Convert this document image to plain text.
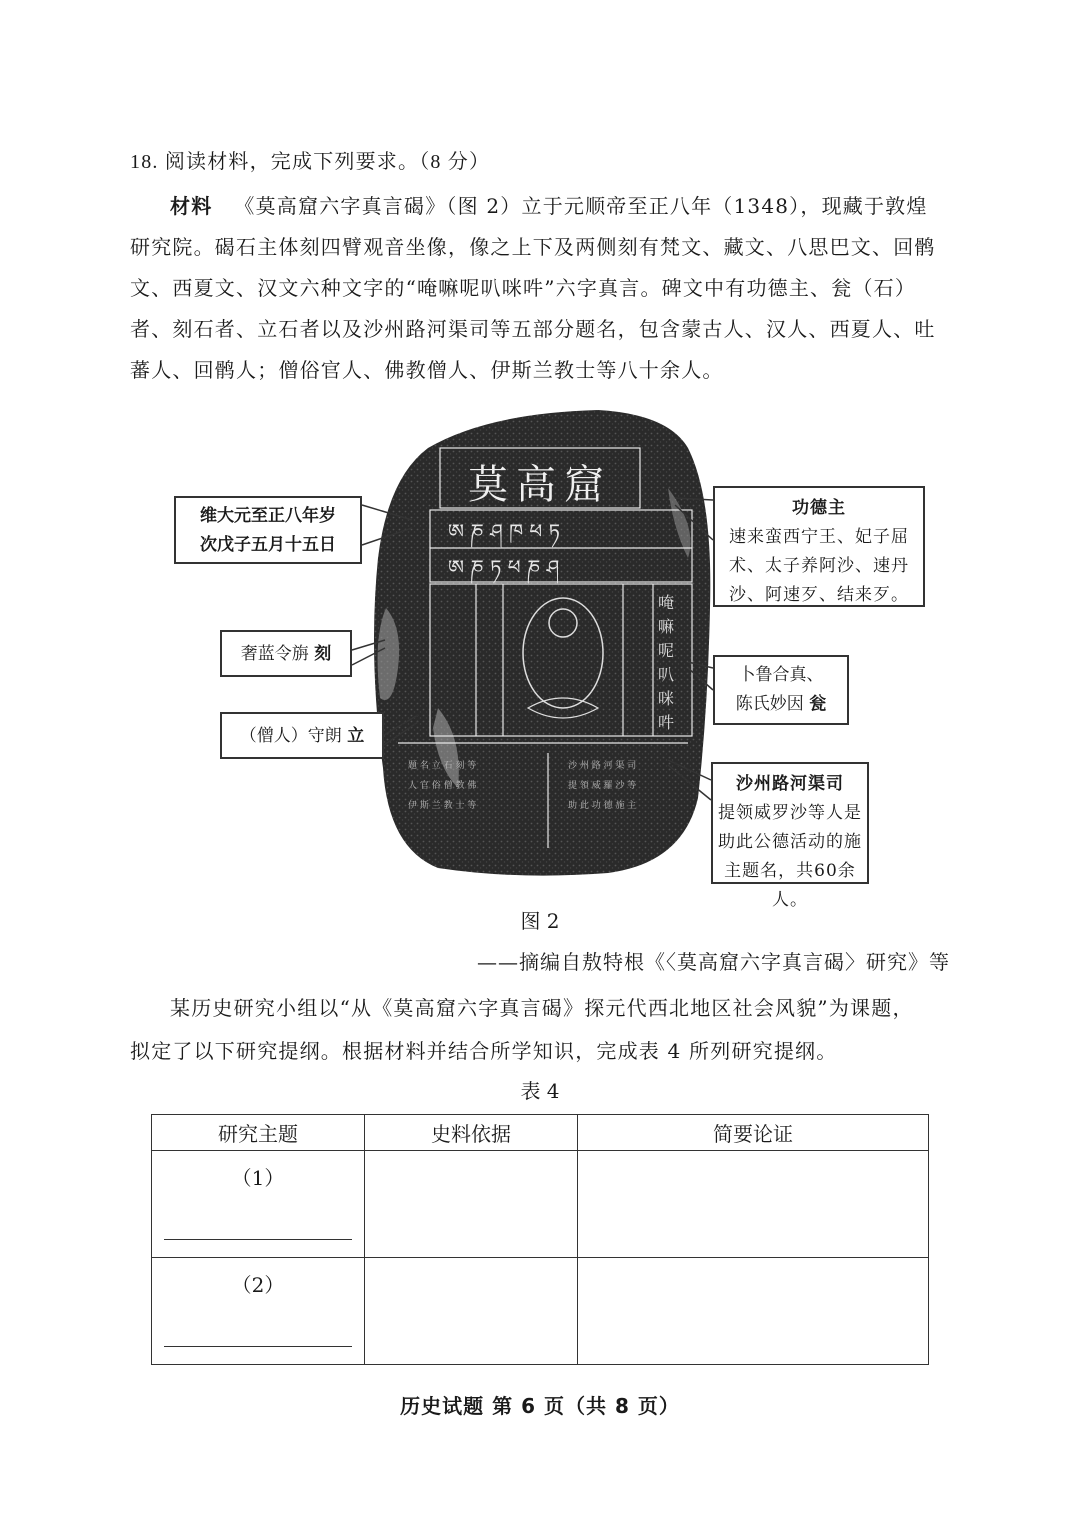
18. 阅读材料，完成下列要求。（8 分）
材料 《莫高窟六字真言碣》（图 2）立于元顺帝至正八年（1348），现藏于敦煌
研究院。碣石主体刻四臂观音坐像，像之上下及两侧刻有梵文、藏文、八思巴文、回鹘
文、西夏文、汉文六种文字的“唵嘛呢叭咪吽”六字真言。碑文中有功德主、瓮（石）
者、刻石者、立石者以及沙州路河渠司等五部分题名，包含蒙古人、汉人、西夏人、吐
蕃人、回鹘人；僧俗官人、佛教僧人、伊斯兰教士等八十余人。
莫高窟
ཨ ཎ ཤ ཁ ཕ ཏ
ཨ ཎ ཏ ཕ ཎ ཤ
唵
嘛
呢
叭
咪
吽
題 名 立 石 刻 等	沙 州 路 河 渠 司
人 官 俗 僧 教 佛	提 領 威 羅 沙 等
伊 斯 兰 教 士 等	助 此 功 德 施 主
维大元至正八年岁
次戊子五月十五日
奢蓝令旃 刻
（僧人）守朗 立
功德主
速来蛮西宁王、妃子屈
术、太子养阿沙、速丹
沙、阿速歹、结来歹。
卜鲁合真、
陈氏妙因 瓮
沙州路河渠司
提领威罗沙等人是
助此公德活动的施
主题名，共60余人。
图 2
——摘编自敖特根《〈莫高窟六字真言碣〉研究》等
某历史研究小组以“从《莫高窟六字真言碣》探元代西北地区社会风貌”为课题，
拟定了以下研究提纲。根据材料并结合所学知识，完成表 4 所列研究提纲。
表 4
研究主题	史料依据	简要论证

（1）		

（2）		

历史试题 第 6 页（共 8 页）
